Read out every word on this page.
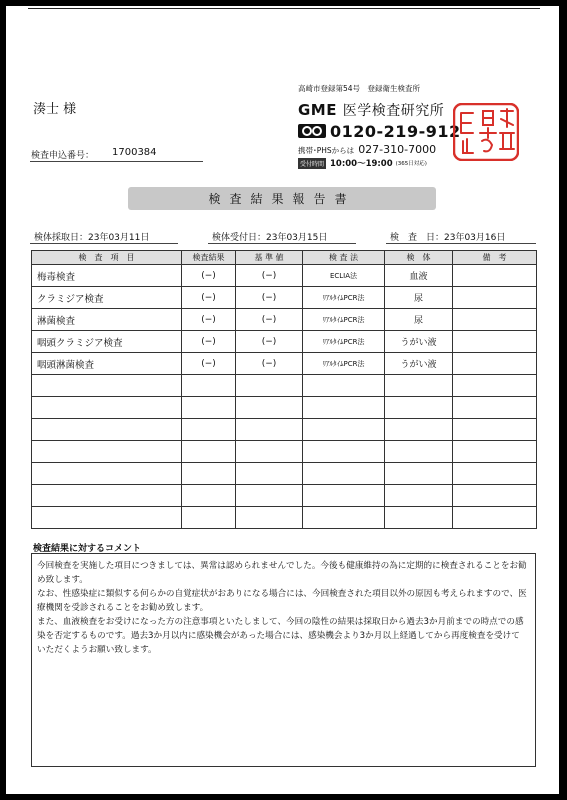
湊士 様
検査申込番号： 1700384
高崎市登録第54号　登録衛生検査所
GME 医学検査研究所
0120-219-912
携帯･PHSからは 027-310-7000
受付時間 10:00～19:00 (365日対応)
検査結果報告書
検体採取日：23年03月11日	検体受付日：23年03月15日	検　査　日：23年03月16日
検　査　項　目	検査結果	基 準 値	検 査 法	検　体	備　考
梅毒検査	(−)	(−)	ECLIA法	血液	
クラミジア検査	(−)	(−)	ﾘｱﾙﾀｲﾑPCR法	尿	
淋菌検査	(−)	(−)	ﾘｱﾙﾀｲﾑPCR法	尿	
咽頭クラミジア検査	(−)	(−)	ﾘｱﾙﾀｲﾑPCR法	うがい液	
咽頭淋菌検査	(−)	(−)	ﾘｱﾙﾀｲﾑPCR法	うがい液	

検査結果に対するコメント

今回検査を実施した項目につきましては、異常は認められませんでした。今後も健康維持の為に定期的に検査されることをお勧め致します。

なお、性感染症に類似する何らかの自覚症状がおありになる場合には、今回検査された項目以外の原因も考えられますので、医療機関を受診されることをお勧め致します。

また、血液検査をお受けになった方の注意事項といたしまして、今回の陰性の結果は採取日から過去3か月前までの時点での感染を否定するものです。過去3か月以内に感染機会があった場合には、感染機会より3か月以上経過してから再度検査を受けていただくようお願い致します。
